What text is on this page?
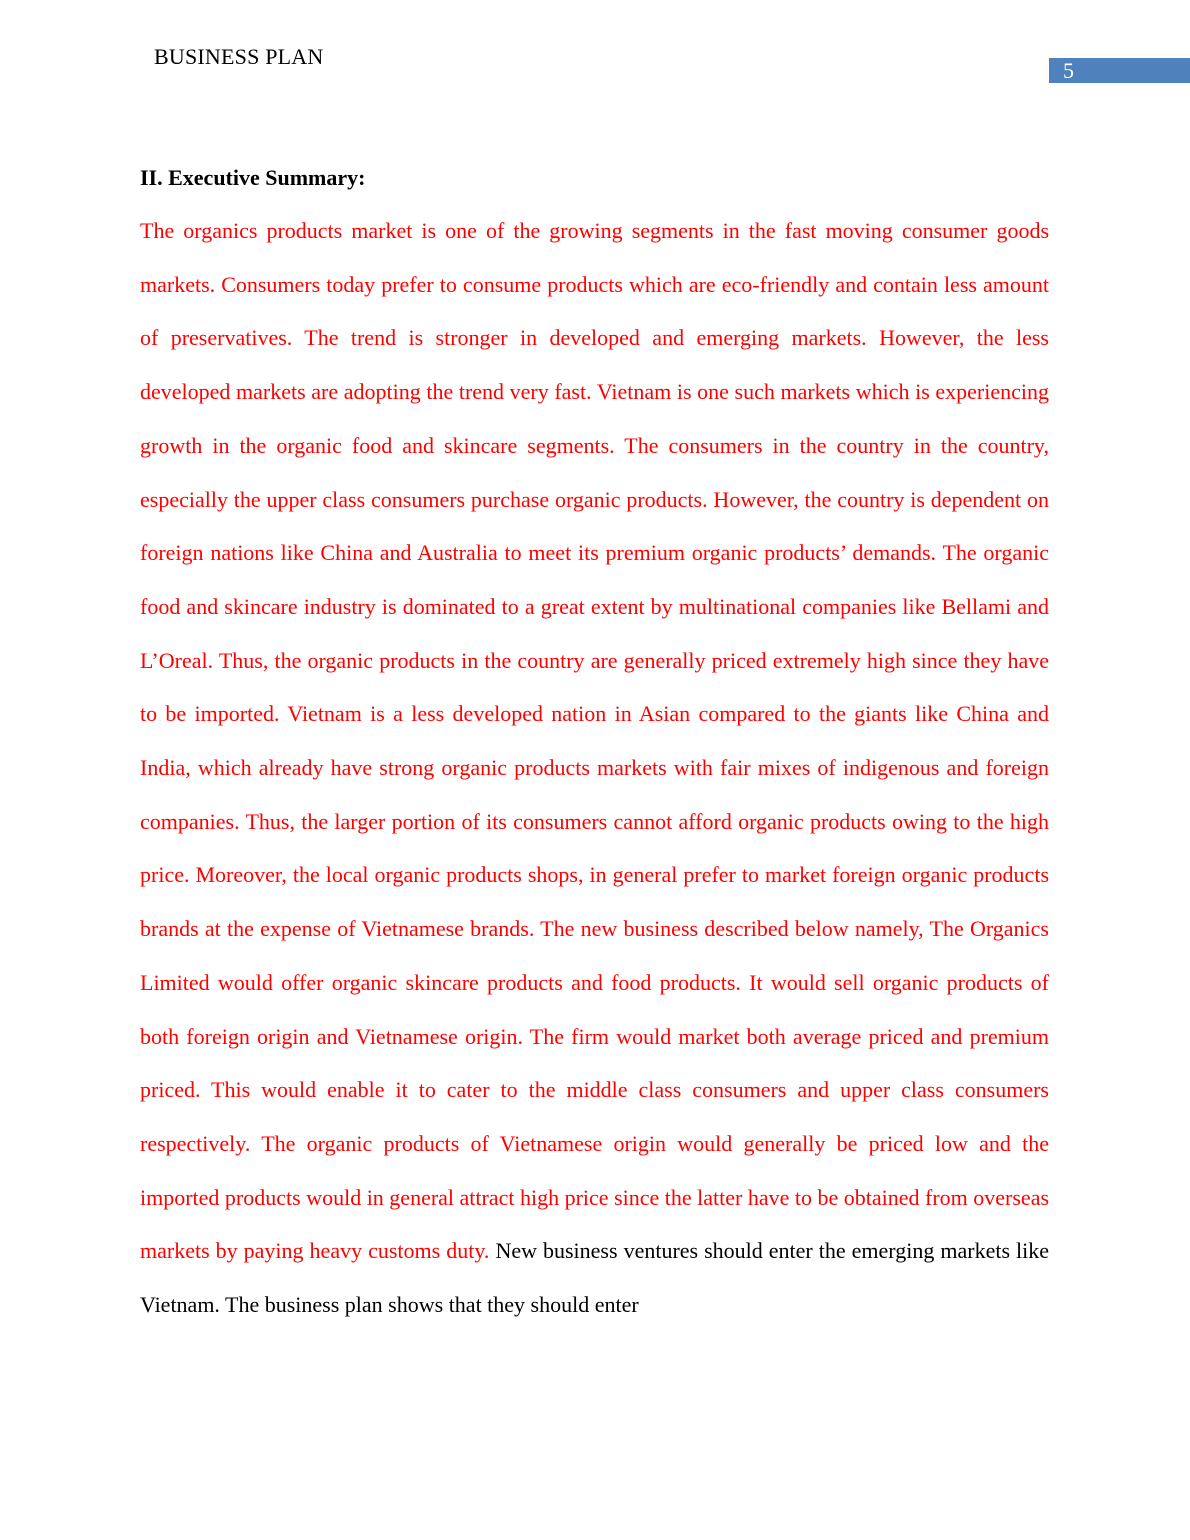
BUSINESS PLAN
5
II. Executive Summary:

The organics products market is one of the growing segments in the fast moving consumer goods markets. Consumers today prefer to consume products which are eco-friendly and contain less amount of preservatives. The trend is stronger in developed and emerging markets. However, the less developed markets are adopting the trend very fast. Vietnam is one such markets which is experiencing growth in the organic food and skincare segments. The consumers in the country in the country, especially the upper class consumers purchase organic products. However, the country is dependent on foreign nations like China and Australia to meet its premium organic products’ demands. The organic food and skincare industry is dominated to a great extent by multinational companies like Bellami and L’Oreal. Thus, the organic products in the country are generally priced extremely high since they have to be imported. Vietnam is a less developed nation in Asian compared to the giants like China and India, which already have strong organic products markets with fair mixes of indigenous and foreign companies. Thus, the larger portion of its consumers cannot afford organic products owing to the high price. Moreover, the local organic products shops, in general prefer to market foreign organic products brands at the expense of Vietnamese brands. The new business described below namely, The Organics Limited would offer organic skincare products and food products. It would sell organic products of both foreign origin and Vietnamese origin. The firm would market both average priced and premium priced. This would enable it to cater to the middle class consumers and upper class consumers respectively. The organic products of Vietnamese origin would generally be priced low and the imported products would in general attract high price since the latter have to be obtained from overseas markets by paying heavy customs duty. New business ventures should enter the emerging markets like Vietnam. The business plan shows that they should enter
